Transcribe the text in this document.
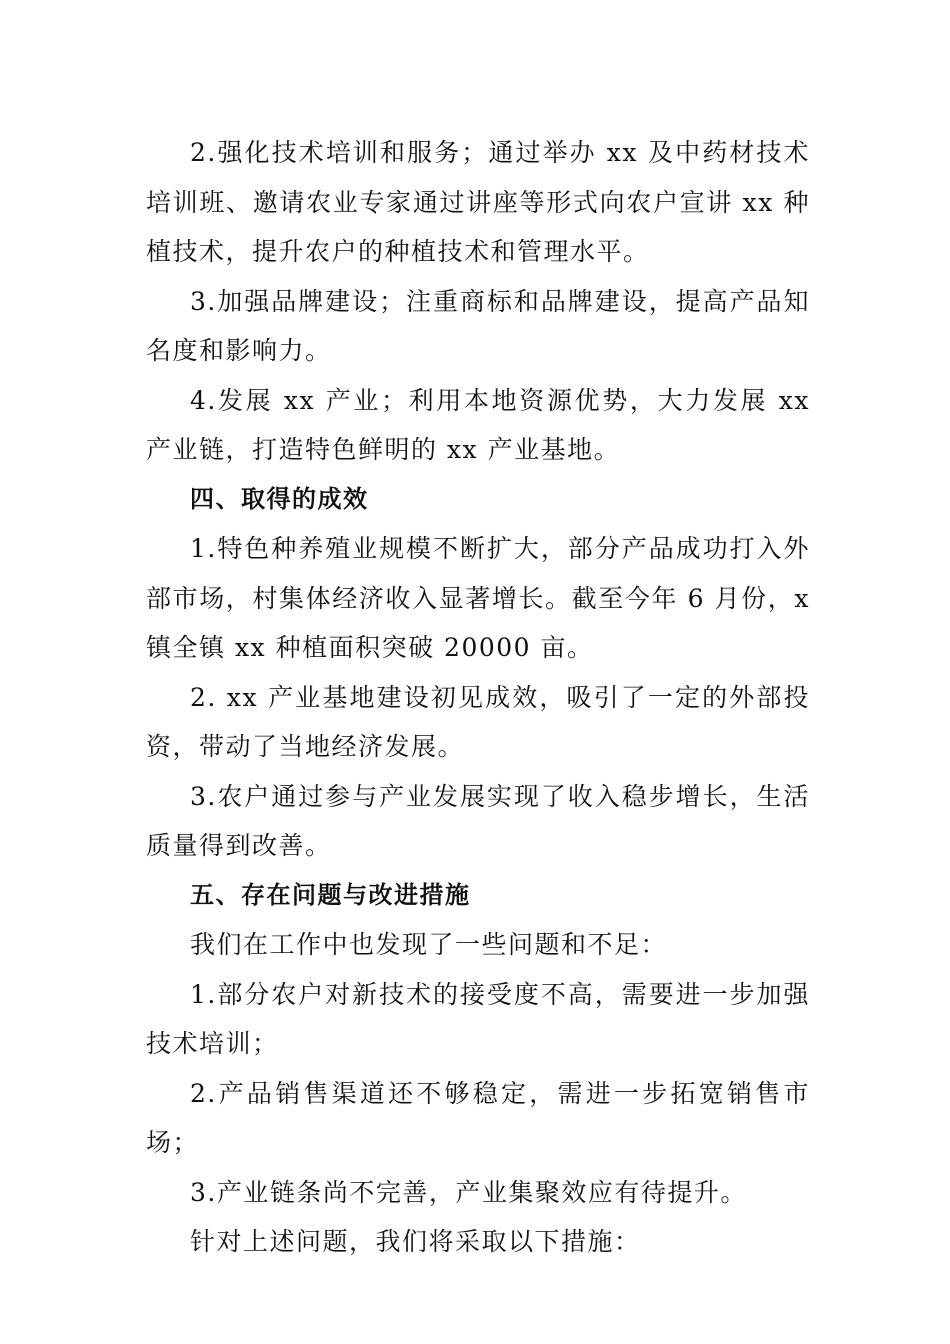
2.强化技术培训和服务；通过举办 xx 及中药材技术培训班、邀请农业专家通过讲座等形式向农户宣讲 xx 种植技术，提升农户的种植技术和管理水平。

3.加强品牌建设；注重商标和品牌建设，提高产品知名度和影响力。

4.发展 xx 产业；利用本地资源优势，大力发展 xx 产业链，打造特色鲜明的 xx 产业基地。

四、取得的成效

1.特色种养殖业规模不断扩大，部分产品成功打入外部市场，村集体经济收入显著增长。截至今年 6 月份，x 镇全镇 xx 种植面积突破 20000 亩。

2. xx 产业基地建设初见成效，吸引了一定的外部投资，带动了当地经济发展。

3.农户通过参与产业发展实现了收入稳步增长，生活质量得到改善。

五、存在问题与改进措施

我们在工作中也发现了一些问题和不足：

1.部分农户对新技术的接受度不高，需要进一步加强技术培训；

2.产品销售渠道还不够稳定，需进一步拓宽销售市场；

3.产业链条尚不完善，产业集聚效应有待提升。

针对上述问题，我们将采取以下措施：
